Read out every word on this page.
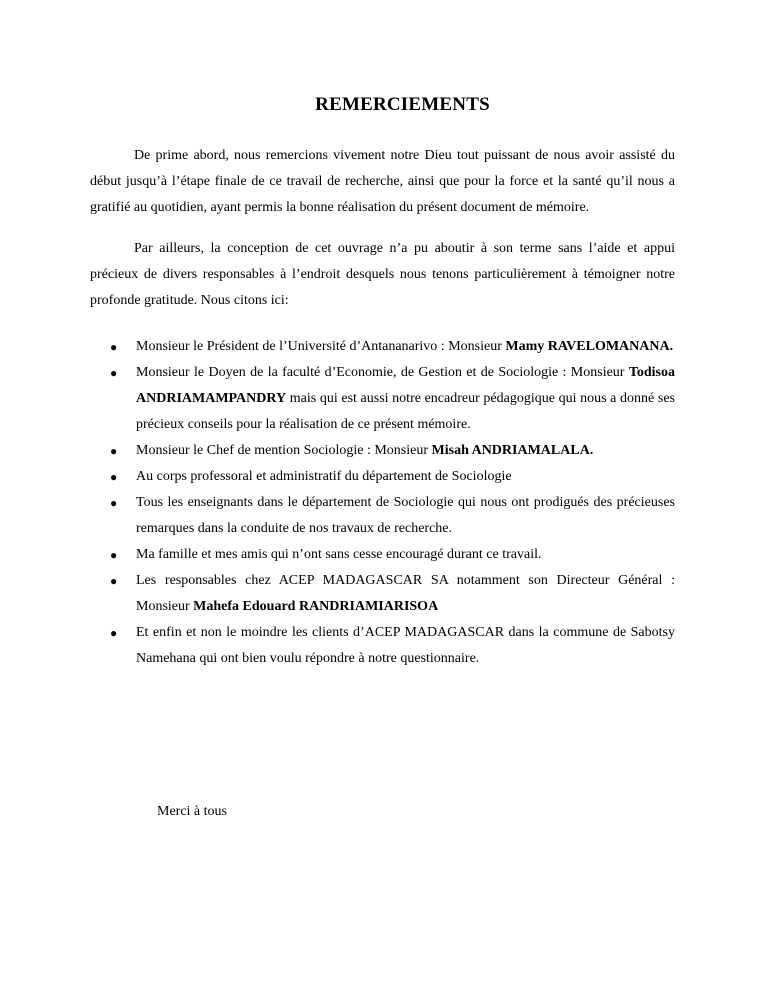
REMERCIEMENTS

De prime abord, nous remercions vivement notre Dieu tout puissant de nous avoir assisté du début jusqu’à l’étape finale de ce travail de recherche, ainsi que pour la force et la santé qu’il nous a gratifié au quotidien, ayant permis la bonne réalisation du présent document de mémoire.

Par ailleurs, la conception de cet ouvrage n’a pu aboutir à son terme sans l’aide et appui précieux de divers responsables à l’endroit desquels nous tenons particulièrement à témoigner notre profonde gratitude. Nous citons ici:

● Monsieur le Président de l’Université d’Antananarivo : Monsieur Mamy RAVELOMANANA.
● Monsieur le Doyen de la faculté d’Economie, de Gestion et de Sociologie : Monsieur Todisoa ANDRIAMAMPANDRY mais qui est aussi notre encadreur pédagogique qui nous a donné ses précieux conseils pour la réalisation de ce présent mémoire.
● Monsieur le Chef de mention Sociologie : Monsieur Misah ANDRIAMALALA.
● Au corps professoral et administratif du département de Sociologie
● Tous les enseignants dans le département de Sociologie qui nous ont prodigués des précieuses remarques dans la conduite de nos travaux de recherche.
● Ma famille et mes amis qui n’ont sans cesse encouragé durant ce travail.
● Les responsables chez ACEP MADAGASCAR SA notamment son Directeur Général : Monsieur Mahefa Edouard RANDRIAMIARISOA
● Et enfin et non le moindre les clients d’ACEP MADAGASCAR dans la commune de Sabotsy Namehana qui ont bien voulu répondre à notre questionnaire.
Merci à tous
